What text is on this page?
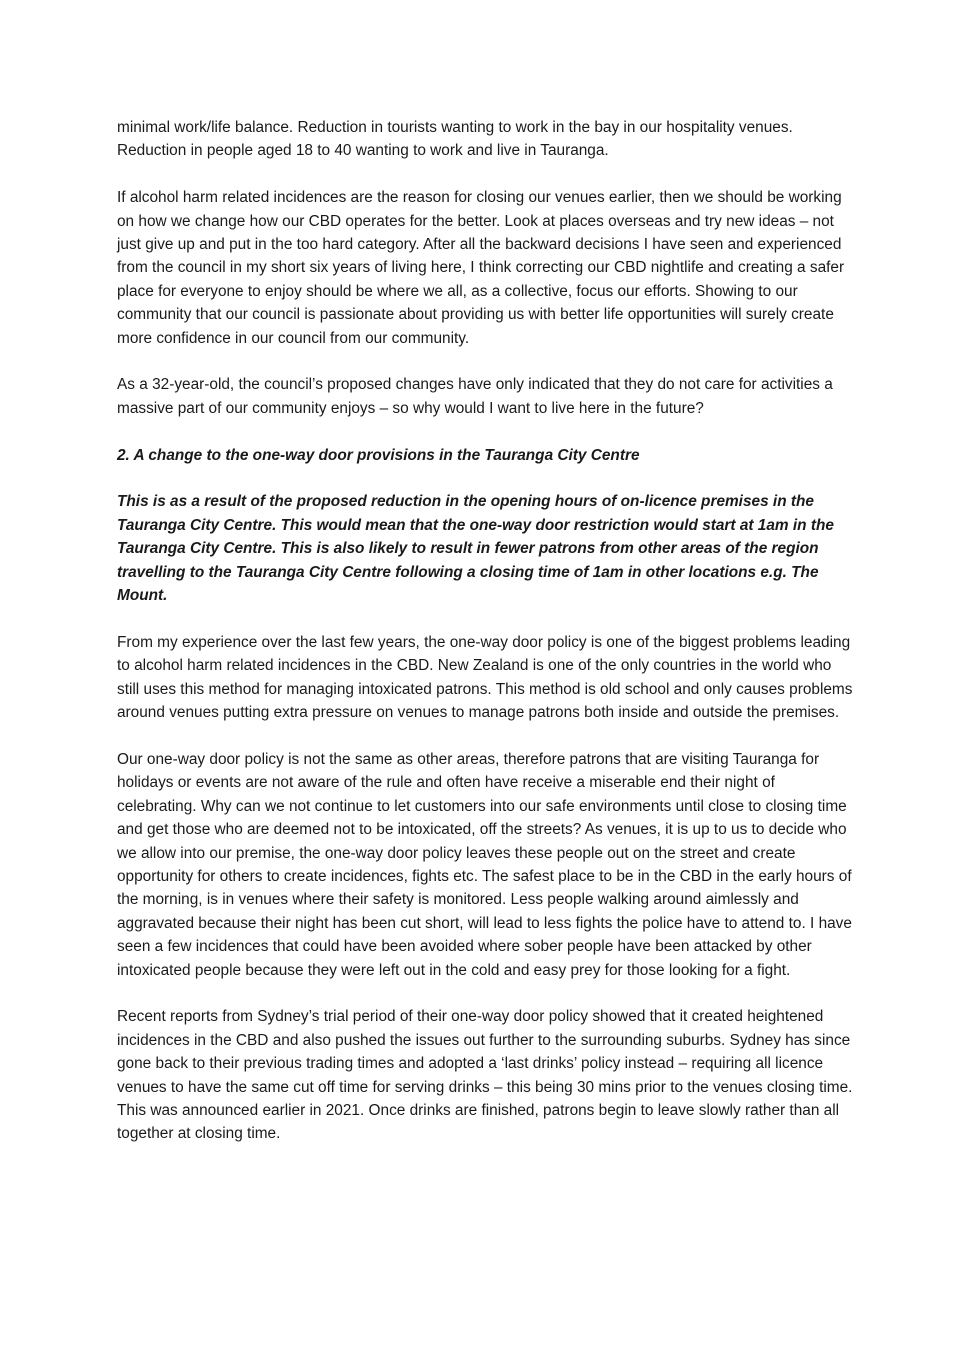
minimal work/life balance. Reduction in tourists wanting to work in the bay in our hospitality venues. Reduction in people aged 18 to 40 wanting to work and live in Tauranga.

If alcohol harm related incidences are the reason for closing our venues earlier, then we should be working on how we change how our CBD operates for the better. Look at places overseas and try new ideas – not just give up and put in the too hard category. After all the backward decisions I have seen and experienced from the council in my short six years of living here, I think correcting our CBD nightlife and creating a safer place for everyone to enjoy should be where we all, as a collective, focus our efforts. Showing to our community that our council is passionate about providing us with better life opportunities will surely create more confidence in our council from our community.

As a 32-year-old, the council’s proposed changes have only indicated that they do not care for activities a massive part of our community enjoys – so why would I want to live here in the future?

2. A change to the one-way door provisions in the Tauranga City Centre

This is as a result of the proposed reduction in the opening hours of on-licence premises in the Tauranga City Centre. This would mean that the one-way door restriction would start at 1am in the Tauranga City Centre. This is also likely to result in fewer patrons from other areas of the region travelling to the Tauranga City Centre following a closing time of 1am in other locations e.g. The Mount.

From my experience over the last few years, the one-way door policy is one of the biggest problems leading to alcohol harm related incidences in the CBD. New Zealand is one of the only countries in the world who still uses this method for managing intoxicated patrons. This method is old school and only causes problems around venues putting extra pressure on venues to manage patrons both inside and outside the premises.

Our one-way door policy is not the same as other areas, therefore patrons that are visiting Tauranga for holidays or events are not aware of the rule and often have receive a miserable end their night of celebrating. Why can we not continue to let customers into our safe environments until close to closing time and get those who are deemed not to be intoxicated, off the streets? As venues, it is up to us to decide who we allow into our premise, the one-way door policy leaves these people out on the street and create opportunity for others to create incidences, fights etc. The safest place to be in the CBD in the early hours of the morning, is in venues where their safety is monitored. Less people walking around aimlessly and aggravated because their night has been cut short, will lead to less fights the police have to attend to. I have seen a few incidences that could have been avoided where sober people have been attacked by other intoxicated people because they were left out in the cold and easy prey for those looking for a fight.

Recent reports from Sydney’s trial period of their one-way door policy showed that it created heightened incidences in the CBD and also pushed the issues out further to the surrounding suburbs. Sydney has since gone back to their previous trading times and adopted a ‘last drinks’ policy instead – requiring all licence venues to have the same cut off time for serving drinks – this being 30 mins prior to the venues closing time. This was announced earlier in 2021. Once drinks are finished, patrons begin to leave slowly rather than all together at closing time.
